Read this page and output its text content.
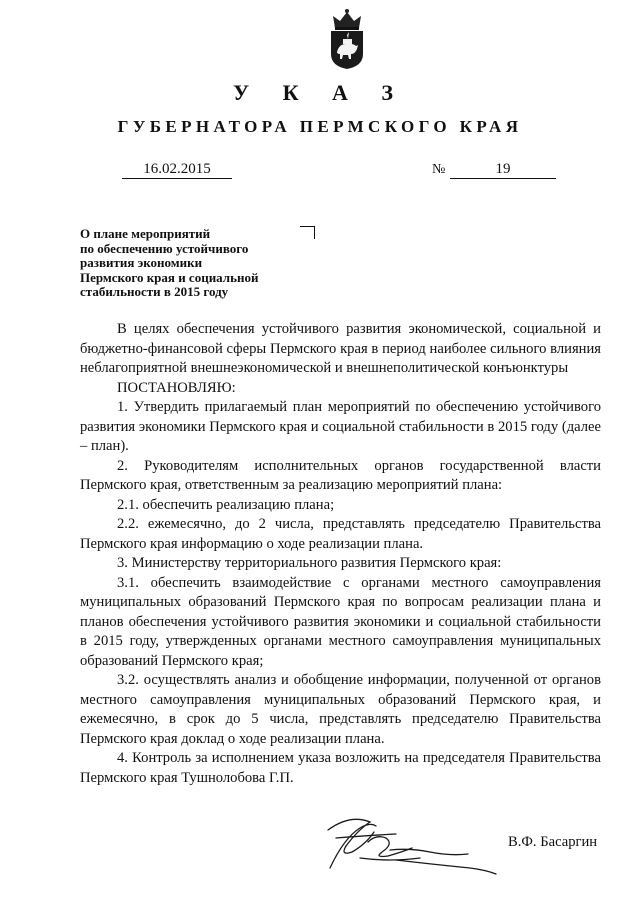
У К А З
ГУБЕРНАТОРА ПЕРМСКОГО КРАЯ
16.02.2015	№	19
О плане мероприятий
по обеспечению устойчивого
развития экономики
Пермского края и социальной
стабильности в 2015 году

В целях обеспечения устойчивого развития экономической, социальной и бюджетно-финансовой сферы Пермского края в период наиболее сильного влияния неблагоприятной внешнеэкономической и внешнеполитической конъюнктуры

ПОСТАНОВЛЯЮ:

1. Утвердить прилагаемый план мероприятий по обеспечению устойчивого развития экономики Пермского края и социальной стабильности в 2015 году (далее – план).

2. Руководителям исполнительных органов государственной власти Пермского края, ответственным за реализацию мероприятий плана:

2.1. обеспечить реализацию плана;

2.2. ежемесячно, до 2 числа, представлять председателю Правительства Пермского края информацию о ходе реализации плана.

3. Министерству территориального развития Пермского края:

3.1. обеспечить взаимодействие с органами местного самоуправления муниципальных образований Пермского края по вопросам реализации плана и планов обеспечения устойчивого развития экономики и социальной стабильности в 2015 году, утвержденных органами местного самоуправления муниципальных образований Пермского края;

3.2. осуществлять анализ и обобщение информации, полученной от органов местного самоуправления муниципальных образований Пермского края, и ежемесячно, в срок до 5 числа, представлять председателю Правительства Пермского края доклад о ходе реализации плана.

4. Контроль за исполнением указа возложить на председателя Правительства Пермского края Тушнолобова Г.П.

В.Ф. Басаргин
